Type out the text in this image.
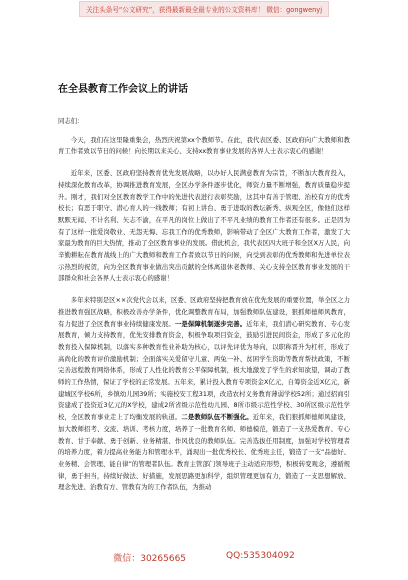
关注头条号“公文研究”，获得最新最全最专业的公文资料库！ 微信：gongwenyj
在全县教育工作会议上的讲话

同志们：

今天，我们在这里隆重集会，热烈庆祝第xx个教师节。在此，我代表区委、区政府向广大教师和教育工作者致以节日的问候！向长期以来关心、支持xx教育事业发展的各界人士表示衷心的感谢！

近年来，区委、区政府坚持教育优先发展战略，以办好人民满意教育为宗旨，不断加大教育投入，持续深化教育改革，协调推进教育发展，全区办学条件逐步优化，师资力量不断增强，教育质量稳步提升。刚才，我们对全区教育教学工作中的先进代表进行表彰奖励，这其中有善于管理、治校有方的优秀校长；有恶于职守、潜心育人的一线教师；有初上讲台、勇于进取的教坛新秀、纵观全区，像他们这样默默无闻、不计名利、矢志不渝，在平凡的岗位上做出了不平凡业绩的教育工作者还有很多。正是因为有了这样一批爱岗敬业、无怨无悔、忘我工作的优秀教师，影响带动了全区广大教育工作者，激发了大家最为教育的巨大热情，推动了全区教育事业的发展。借此机会，我代表区四大班子和全区X万人民，向辛勤耕耘在教育战线上的广大教师和教育工作者致以节日的问候，向受到表彰的优秀教师和先进单位表示热烈的祝贺，向为全区教育事业做出突出贡献的全体离退休老教师、关心支持全区教育事业发展的干部群众和社会各界人士表示衷心的感谢！

多年来特别是区××次党代会以来，区委、区政府坚持把教育放在优先发展的重要位置，举全区之力推进教育强区战略，积极改善办学条件，优化调整教育布局，加强教师队伍建设，狠抓师德师风教育，有力促进了全区教育事业持续健康发展。一是保障机制逐步完善。近年来，我们潜心研究教育、专心发展教育，倾力支持教育，优先安排教育资金，积极争取项目资金，鼓励引进民间资金，形成了多元化的教育投入保障机制，以落实多种教育性业补助为核心，以评先评优为导向，以职称晋升为杠杆，形成了高尚化的教育评价激励机制；全面落实关爱留守儿童、两兔一补、贫困学生资助等教育帮扶政策，不断完善远程教育网络体系，形成了人性化的教育公平保障机制，极大地激发了学生的求知欲望，调动了教师的工作热情，保证了学校的正常发展。五年来，累计投入教育专项资金X亿元，自筹资金近X亿元，新建城区学校6所，乡镇幼儿园39所；实施校安工程31项，改造农村义务教育薄弱学校52所；通过招商引资建成了投资近3亿元的X学校，建成2所省级示范性幼儿园、8所市级示范性学校、30所区级示范性学校，全区教育事业走上了均衡发展的轨道。二是教师队伍不断强化。近年来，我们狠抓师德师风建设，加大教师招考、交流、培训、考核力度，培养了一批教育名师、师德模范，锻造了一支热爱教育、专心教育、甘于奉献、勇于创新、业务精湛、作风优良的教师队伍。完善选拔任用制度，加强对学校管理者的培养力度，着力提高业务能力和管理水平，涌现出一批优秀校长、优秀班主任，锻造了一支“品德好、业务精、会管理、能自律”的管理者队伍。教育主管部门领导班子主动适应形势，积极转变观念，遵循规律，勇于担当，持续好做法、好措施，发展思路更加科学，组织管理更加有力，锻造了一支思想解放、理念先进、治教有方、管教有为的工作者队伍，为推动

微信：30265665	QQ:535304092
